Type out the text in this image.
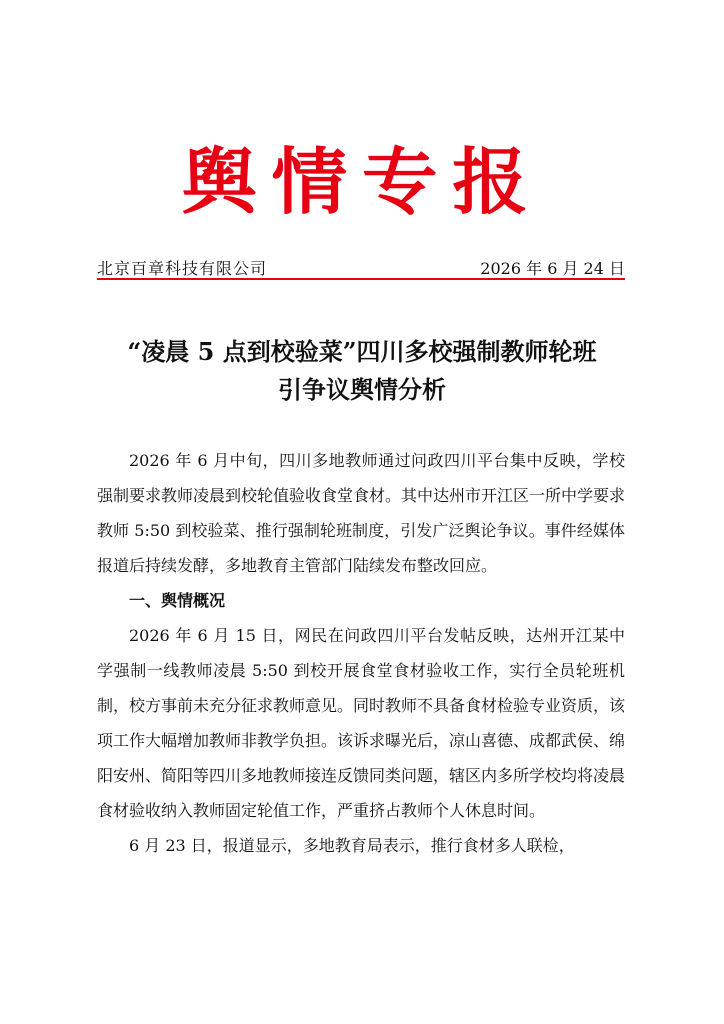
舆情专报
北京百章科技有限公司	2026 年 6 月 24 日
“凌晨 5 点到校验菜”四川多校强制教师轮班
引争议舆情分析

2026 年 6 月中旬，四川多地教师通过问政四川平台集中反映，学校强制要求教师凌晨到校轮值验收食堂食材。其中达州市开江区一所中学要求教师 5:50 到校验菜、推行强制轮班制度，引发广泛舆论争议。事件经媒体报道后持续发酵，多地教育主管部门陆续发布整改回应。

一、舆情概况

2026 年 6 月 15 日，网民在问政四川平台发帖反映，达州开江某中学强制一线教师凌晨 5:50 到校开展食堂食材验收工作，实行全员轮班机制，校方事前未充分征求教师意见。同时教师不具备食材检验专业资质，该项工作大幅增加教师非教学负担。该诉求曝光后，凉山喜德、成都武侯、绵阳安州、简阳等四川多地教师接连反馈同类问题，辖区内多所学校均将凌晨食材验收纳入教师固定轮值工作，严重挤占教师个人休息时间。

6 月 23 日，报道显示，多地教育局表示，推行食材多人联检，
